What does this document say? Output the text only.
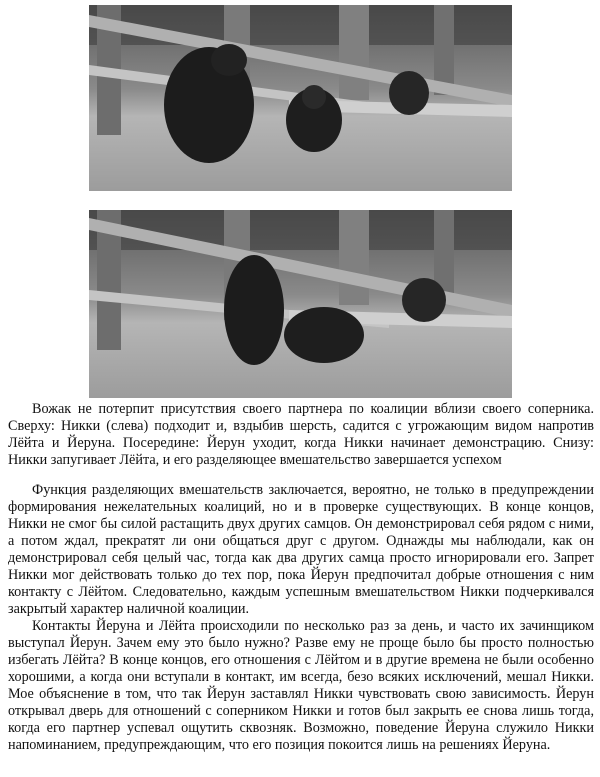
Вожак не потерпит присутствия своего партнера по коалиции вблизи своего соперника.
Сверху: Никки (слева) подходит и, вздыбив шерсть, садится с угрожающим видом напротив
Лёйта и Йеруна. Посередине: Йерун уходит, когда Никки начинает демонстрацию. Снизу:
Никки запугивает Лёйта, и его разделяющее вмешательство завершается успехом
Функция разделяющих вмешательств заключается, вероятно, не только в предупреждении
формирования нежелательных коалиций, но и в проверке существующих. В конце концов,
Никки не смог бы силой растащить двух других самцов. Он демонстрировал себя рядом с ними,
а потом ждал, прекратят ли они общаться друг с другом. Однажды мы наблюдали, как он
демонстрировал себя целый час, тогда как два других самца просто игнорировали его. Запрет
Никки мог действовать только до тех пор, пока Йерун предпочитал добрые отношения с ним
контакту с Лёйтом. Следовательно, каждым успешным вмешательством Никки подчеркивался
закрытый характер наличной коалиции.
Контакты Йеруна и Лёйта происходили по несколько раз за день, и часто их зачинщиком
выступал Йерун. Зачем ему это было нужно? Разве ему не проще было бы просто полностью
избегать Лёйта? В конце концов, его отношения с Лёйтом и в другие времена не были особенно
хорошими, а когда они вступали в контакт, им всегда, безо всяких исключений, мешал Никки.
Мое объяснение в том, что так Йерун заставлял Никки чувствовать свою зависимость. Йерун
открывал дверь для отношений с соперником Никки и готов был закрыть ее снова лишь тогда,
когда его партнер успевал ощутить сквозняк. Возможно, поведение Йеруна служило Никки
напоминанием, предупреждающим, что его позиция покоится лишь на решениях Йеруна.
